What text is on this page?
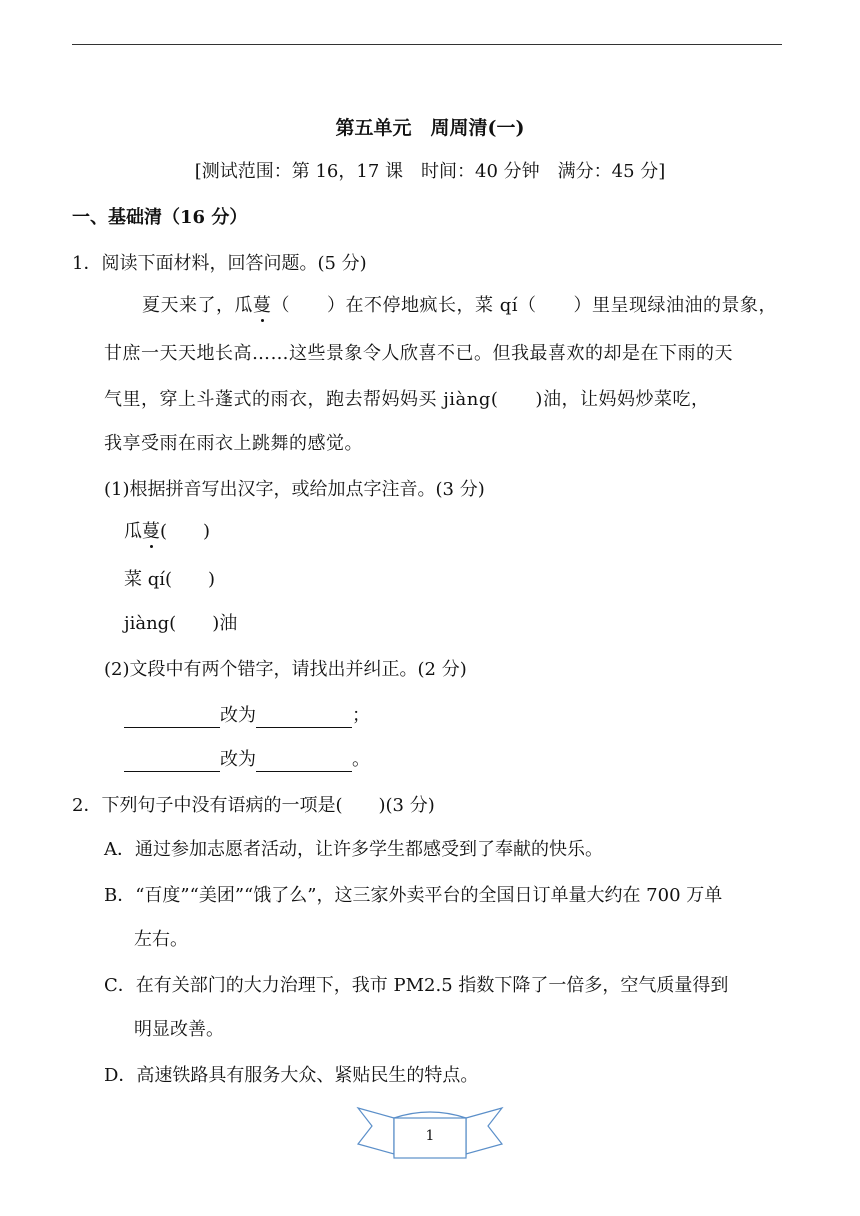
第五单元　周周清(一)
[测试范围：第 16，17 课　时间：40 分钟　满分：45 分]
一、基础清（16 分）
1．阅读下面材料，回答问题。(5 分)
夏天来了，瓜蔓（　　）在不停地疯长，菜 qí（　　）里呈现绿油油的景象，
甘庶一天天地长高……这些景象令人欣喜不已。但我最喜欢的却是在下雨的天
气里，穿上斗蓬式的雨衣，跑去帮妈妈买 jiàng(　　)油，让妈妈炒菜吃，
我享受雨在雨衣上跳舞的感觉。
(1)根据拼音写出汉字，或给加点字注音。(3 分)
瓜蔓(　　)
菜 qí(　　)
jiàng(　　)油
(2)文段中有两个错字，请找出并纠正。(2 分)
改为	；
改为	。
2．下列句子中没有语病的一项是(　　)(3 分)
A．通过参加志愿者活动，让许多学生都感受到了奉献的快乐。
B．“百度”“美团”“饿了么”，这三家外卖平台的全国日订单量大约在 700 万单
左右。
C．在有关部门的大力治理下，我市 PM2.5 指数下降了一倍多，空气质量得到
明显改善。
D．高速铁路具有服务大众、紧贴民生的特点。
1
